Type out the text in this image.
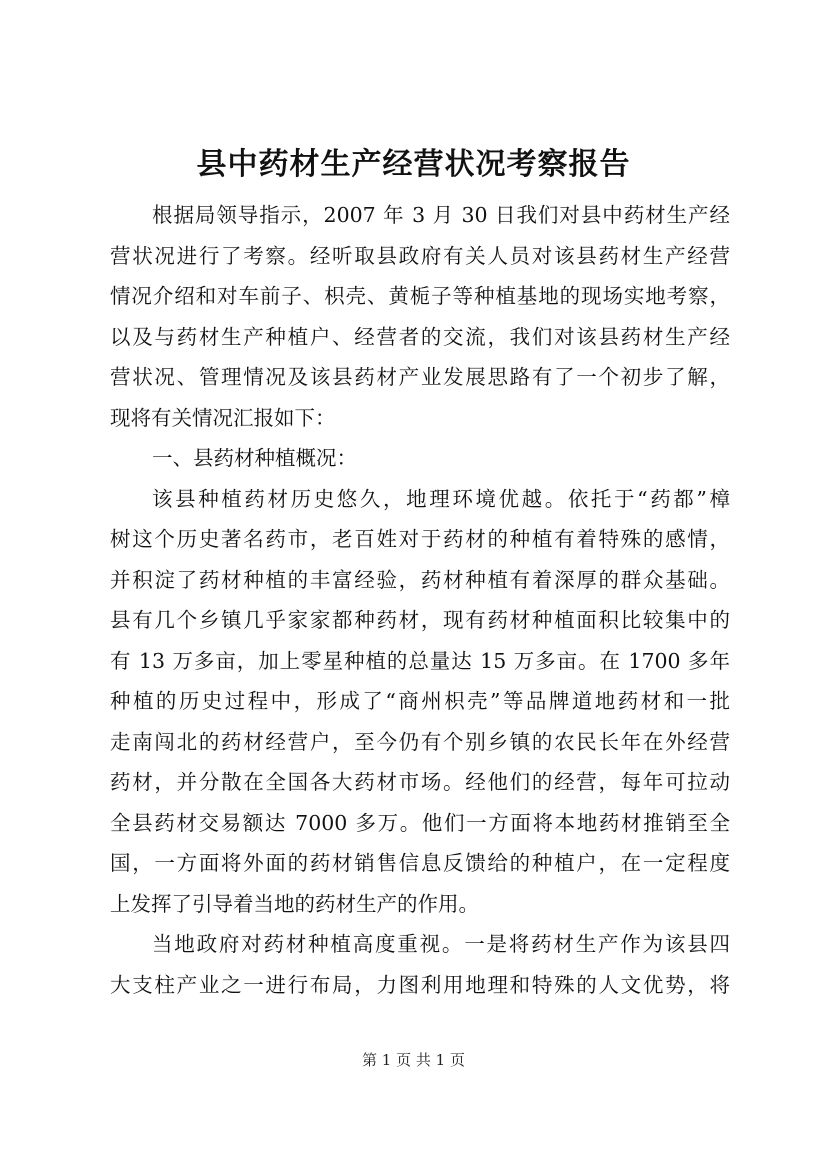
县中药材生产经营状况考察报告
根据局领导指示，2007 年 3 月 30 日我们对县中药材生产经
营状况进行了考察。经听取县政府有关人员对该县药材生产经营
情况介绍和对车前子、枳壳、黄栀子等种植基地的现场实地考察，
以及与药材生产种植户、经营者的交流，我们对该县药材生产经
营状况、管理情况及该县药材产业发展思路有了一个初步了解，
现将有关情况汇报如下：
一、县药材种植概况：
该县种植药材历史悠久，地理环境优越。依托于“药都”樟
树这个历史著名药市，老百姓对于药材的种植有着特殊的感情，
并积淀了药材种植的丰富经验，药材种植有着深厚的群众基础。
县有几个乡镇几乎家家都种药材，现有药材种植面积比较集中的
有 13 万多亩，加上零星种植的总量达 15 万多亩。在 1700 多年
种植的历史过程中，形成了“商州枳壳”等品牌道地药材和一批
走南闯北的药材经营户，至今仍有个别乡镇的农民长年在外经营
药材，并分散在全国各大药材市场。经他们的经营，每年可拉动
全县药材交易额达 7000 多万。他们一方面将本地药材推销至全
国，一方面将外面的药材销售信息反馈给的种植户，在一定程度
上发挥了引导着当地的药材生产的作用。
当地政府对药材种植高度重视。一是将药材生产作为该县四
大支柱产业之一进行布局，力图利用地理和特殊的人文优势，将
第 1 页 共 1 页
